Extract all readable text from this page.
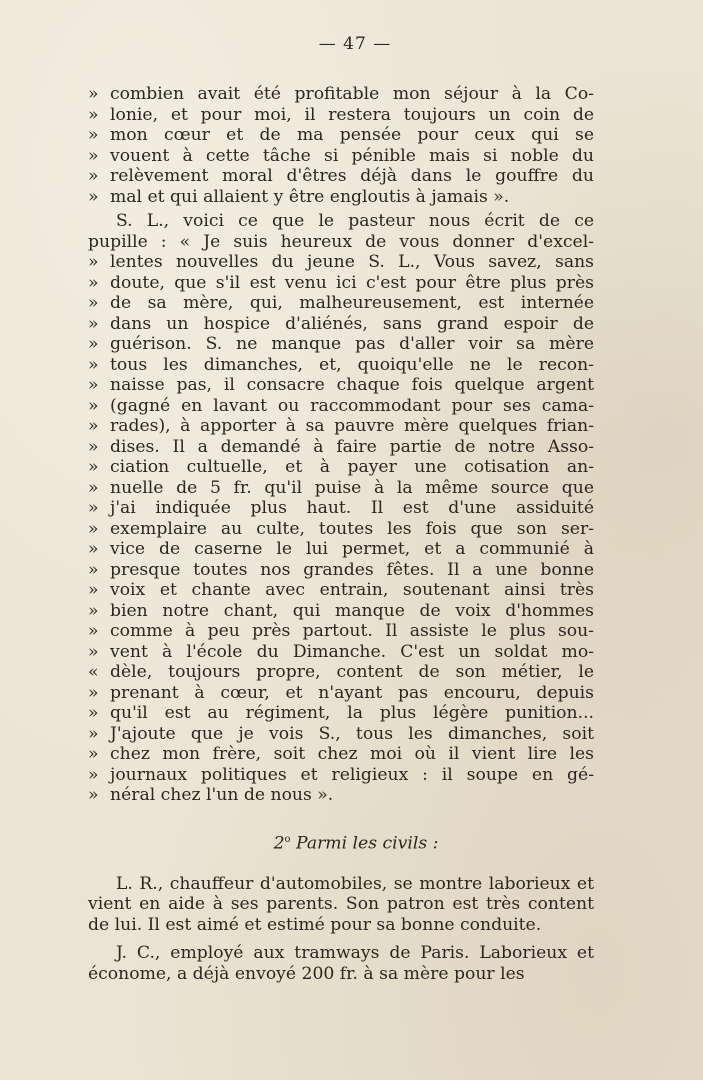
— 47 —
» combien avait été profitable mon séjour à la Co-
» lonie, et pour moi, il restera toujours un coin de
» mon cœur et de ma pensée pour ceux qui se
» vouent à cette tâche si pénible mais si noble du
» relèvement moral d'êtres déjà dans le gouffre du
» mal et qui allaient y être engloutis à jamais ».
S. L., voici ce que le pasteur nous écrit de ce
pupille : « Je suis heureux de vous donner d'excel-
» lentes nouvelles du jeune S. L., Vous savez, sans
» doute, que s'il est venu ici c'est pour être plus près
» de sa mère, qui, malheureusement, est internée
» dans un hospice d'aliénés, sans grand espoir de
» guérison. S. ne manque pas d'aller voir sa mère
» tous les dimanches, et, quoiqu'elle ne le recon-
» naisse pas, il consacre chaque fois quelque argent
» (gagné en lavant ou raccommodant pour ses cama-
» rades), à apporter à sa pauvre mère quelques frian-
» dises. Il a demandé à faire partie de notre Asso-
» ciation cultuelle, et à payer une cotisation an-
» nuelle de 5 fr. qu'il puise à la même source que
» j'ai indiquée plus haut. Il est d'une assiduité
» exemplaire au culte, toutes les fois que son ser-
» vice de caserne le lui permet, et a communié à
» presque toutes nos grandes fêtes. Il a une bonne
» voix et chante avec entrain, soutenant ainsi très
» bien notre chant, qui manque de voix d'hommes
» comme à peu près partout. Il assiste le plus sou-
» vent à l'école du Dimanche. C'est un soldat mo-
« dèle, toujours propre, content de son métier, le
» prenant à cœur, et n'ayant pas encouru, depuis
» qu'il est au régiment, la plus légère punition...
» J'ajoute que je vois S., tous les dimanches, soit
» chez mon frère, soit chez moi où il vient lire les
» journaux politiques et religieux : il soupe en gé-
» néral chez l'un de nous ».
2$^o$ Parmi les civils :
L. R., chauffeur d'automobiles, se montre laborieux et vient en aide à ses parents. Son patron est très content de lui. Il est aimé et estimé pour sa bonne conduite.
J. C., employé aux tramways de Paris. Laborieux et économe, a déjà envoyé 200 fr. à sa mère pour les
